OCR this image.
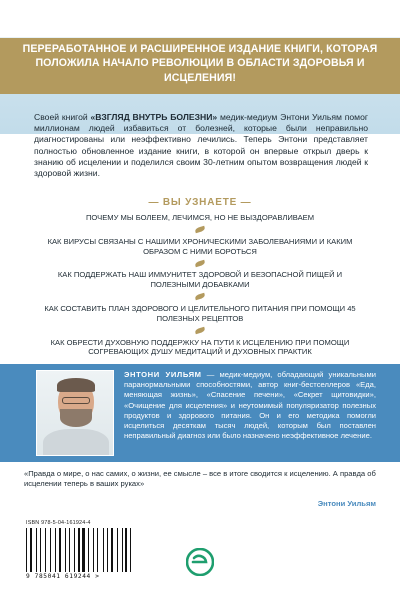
ПЕРЕРАБОТАННОЕ И РАСШИРЕННОЕ ИЗДАНИЕ КНИГИ, КОТОРАЯ ПОЛОЖИЛА НАЧАЛО РЕВОЛЮЦИИ В ОБЛАСТИ ЗДОРОВЬЯ И ИСЦЕЛЕНИЯ!
Своей книгой «ВЗГЛЯД ВНУТРЬ БОЛЕЗНИ» медик-медиум Энтони Уильям помог миллионам людей избавиться от болезней, которые были неправильно диагностированы или неэффективно лечились. Теперь Энтони представляет полностью обновленное издание книги, в которой он впервые открыл дверь к знанию об исцелении и поделился своим 30-летним опытом возвращения людей к здоровой жизни.
— ВЫ УЗНАЕТЕ —
ПОЧЕМУ МЫ БОЛЕЕМ, ЛЕЧИМСЯ, НО НЕ ВЫЗДОРАВЛИВАЕМ
КАК ВИРУСЫ СВЯЗАНЫ С НАШИМИ ХРОНИЧЕСКИМИ ЗАБОЛЕВАНИЯМИ И КАКИМ ОБРАЗОМ С НИМИ БОРОТЬСЯ
КАК ПОДДЕРЖАТЬ НАШ ИММУНИТЕТ ЗДОРОВОЙ И БЕЗОПАСНОЙ ПИЩЕЙ И ПОЛЕЗНЫМИ ДОБАВКАМИ
КАК СОСТАВИТЬ ПЛАН ЗДОРОВОГО И ЦЕЛИТЕЛЬНОГО ПИТАНИЯ ПРИ ПОМОЩИ 45 ПОЛЕЗНЫХ РЕЦЕПТОВ
КАК ОБРЕСТИ ДУХОВНУЮ ПОДДЕРЖКУ НА ПУТИ К ИСЦЕЛЕНИЮ ПРИ ПОМОЩИ СОГРЕВАЮЩИХ ДУШУ МЕДИТАЦИЙ И ДУХОВНЫХ ПРАКТИК
ЭНТОНИ УИЛЬЯМ — медик-медиум, обладающий уникальными паранормальными способностями, автор книг-бестселлеров «Еда, меняющая жизнь», «Спасение печени», «Секрет щитовидки», «Очищение для исцеления» и неутомимый популяризатор полезных продуктов и здорового питания. Он и его методика помогли исцелиться десяткам тысяч людей, которым был поставлен неправильный диагноз или было назначено неэффективное лечение.
«Правда о мире, о нас самих, о жизни, ее смысле – все в итоге сводится к исцелению. А правда об исцелении теперь в ваших руках»
Энтони Уильям
ISBN 978-5-04-161924-4
9 785041 619244 >
